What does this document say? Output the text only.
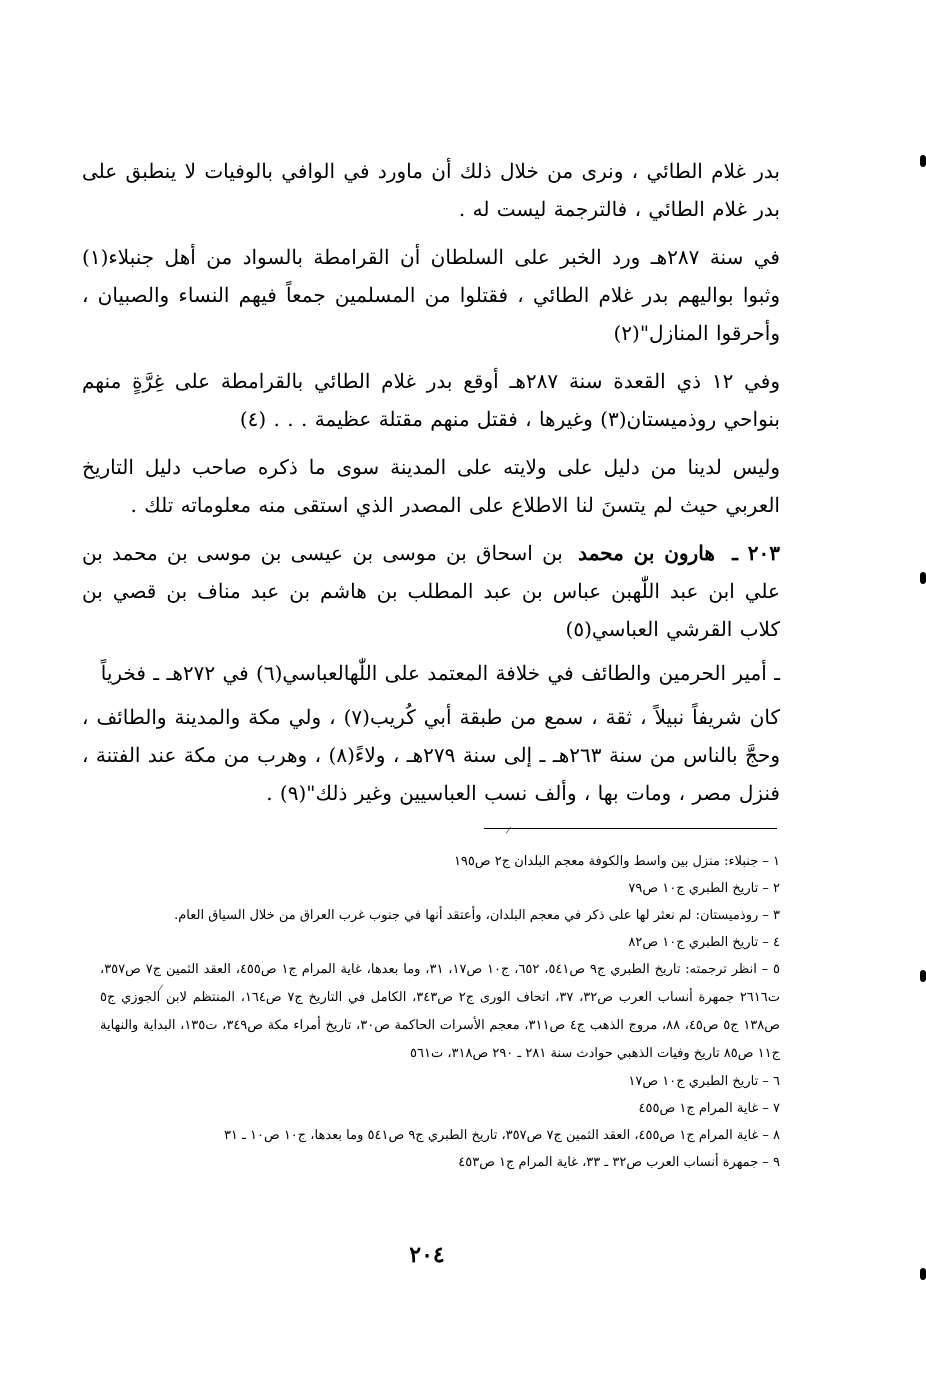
بدر غلام الطائي ، ونرى من خلال ذلك أن ماورد في الوافي بالوفيات لا ينطبق على بدر غلام الطائي ، فالترجمة ليست له .

في سنة ٢٨٧هـ ورد الخبر على السلطان أن القرامطة بالسواد من أهل جنبلاء(١) وثبوا بواليهم بدر غلام الطائي ، فقتلوا من المسلمين جمعاً فيهم النساء والصبيان ، وأحرقوا المنازل"(٢)

وفي ١٢ ذي القعدة سنة ٢٨٧هـ أوقع بدر غلام الطائي بالقرامطة على غِرَّةٍ منهم بنواحي روذميستان(٣) وغيرها ، فقتل منهم مقتلة عظيمة . . . (٤)

وليس لدينا من دليل على ولايته على المدينة سوى ما ذكره صاحب دليل التاريخ العربي حيث لم يتسنَ لنا الاطلاع على المصدر الذي استقى منه معلوماته تلك .

٢٠٣ ـ هارون بن محمد بن اسحاق بن موسى بن عيسى بن موسى بن محمد بن علي ابن عبد اللّٰهبن عباس بن عبد المطلب بن هاشم بن عبد مناف بن قصي بن كلاب القرشي العباسي(٥)

ـ أمير الحرمين والطائف في خلافة المعتمد على اللّٰهالعباسي(٦) في ٢٧٢هـ ـ فخرياً

كان شريفاً نبيلاً ، ثقة ، سمع من طبقة أبي كُريب(٧) ، ولي مكة والمدينة والطائف ، وحجَّ بالناس من سنة ٢٦٣هـ ـ إلى سنة ٢٧٩هـ ، ولاءً(٨) ، وهرب من مكة عند الفتنة ، فنزل مصر ، ومات بها ، وألف نسب العباسيين وغير ذلك"(٩) .

١ – جنبلاء: منزل بين واسط والكوفة معجم البلدان ج٢ ص١٩٥
٢ – تاريخ الطبري ج١٠ ص٧٩
٣ – روذميستان: لم نعثر لها على ذكر في معجم البلدان، وأعتقد أنها في جنوب غرب العراق من خلال السياق العام.
٤ – تاريخ الطبري ج١٠ ص٨٢
٥ – انظر ترجمته: تاريخ الطبري ج٩ ص٥٤١، ٦٥٢، ج١٠ ص١٧، ٣١، وما بعدها، غاية المرام ج١ ص٤٥٥، العقد الثمين ج٧ ص٣٥٧، ت٢٦١٦ جمهرة أنساب العرب ص٣٢، ٣٧، اتحاف الورى ج٢ ص٣٤٣، الكامل في التاريخ ج٧ ص١٦٤، المنتظم لابن الجوزي ج٥ ص١٣٨ ج٥ ص٤٥، ٨٨، مروج الذهب ج٤ ص٣١١، معجم الأسرات الحاكمة ص٣٠، تاريخ أمراء مكة ص٣٤٩، ت١٣٥، البداية والنهاية ج١١ ص٨٥ تاريخ وفيات الذهبي حوادث سنة ٢٨١ ـ ٢٩٠ ص٣١٨، ت٥٦١
٦ – تاريخ الطبري ج١٠ ص١٧
٧ – غاية المرام ج١ ص٤٥٥
٨ – غاية المرام ج١ ص٤٥٥، العقد الثمين ج٧ ص٣٥٧، تاريخ الطبري ج٩ ص٥٤١ وما بعدها، ج١٠ ص١٠ ـ ٣١
٩ – جمهرة أنساب العرب ص٣٢ ـ ٣٣، غاية المرام ج١ ص٤٥٣
٢٠٤
